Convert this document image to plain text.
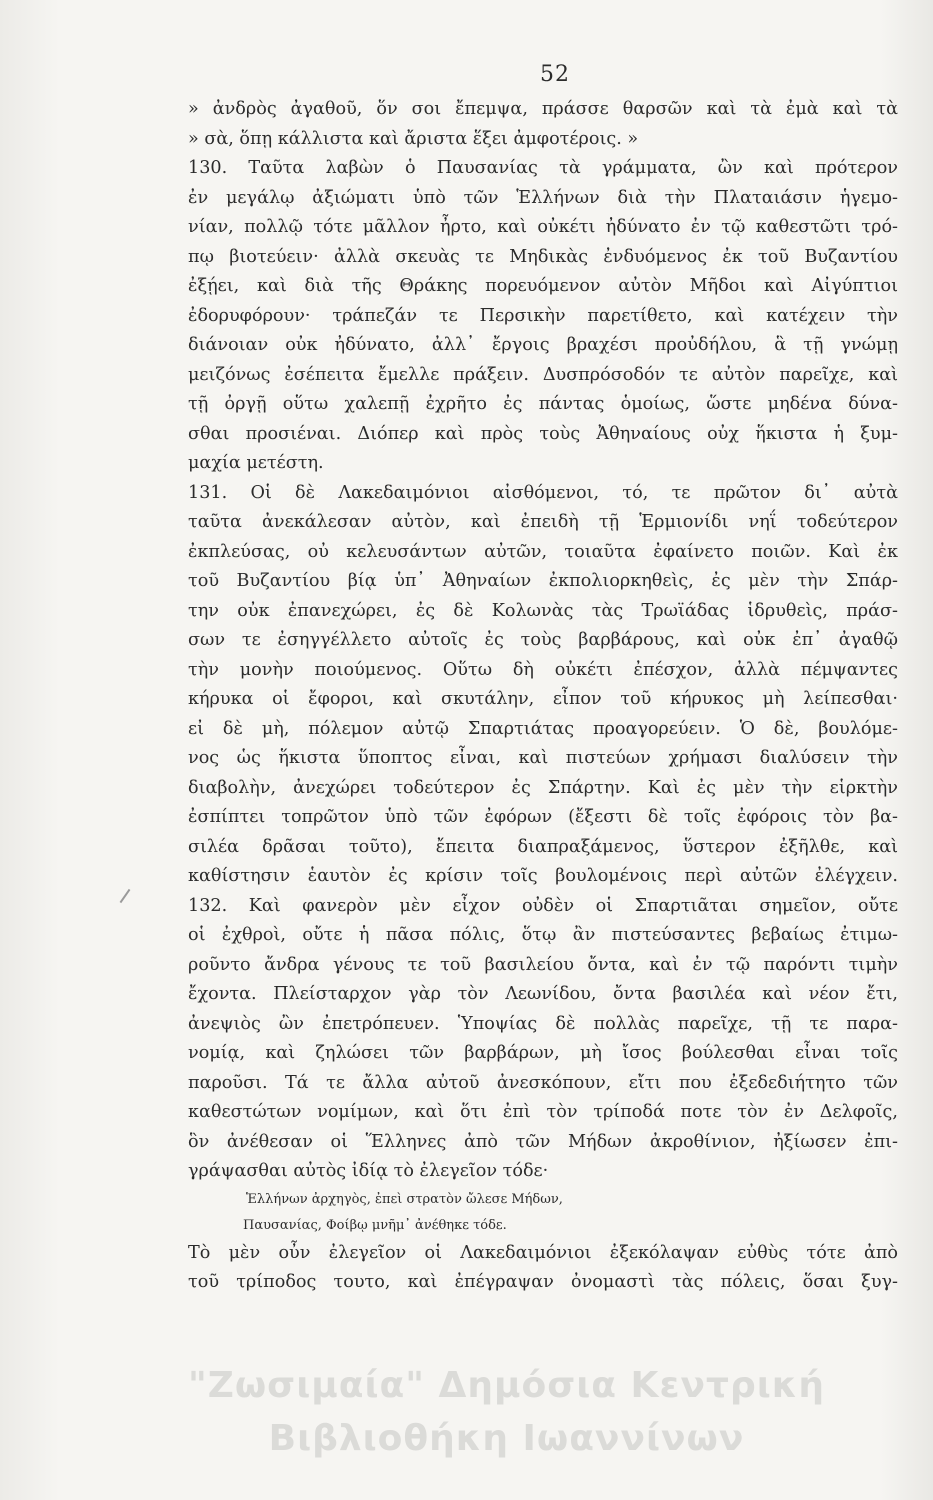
52
» ἀνδρὸς ἀγαθοῦ, ὅν σοι ἔπεμψα, πράσσε θαρσῶν καὶ τὰ ἐμὰ καὶ τὰ
» σὰ, ὅπῃ κάλλιστα καὶ ἄριστα ἕξει ἀμφοτέροις. »
130. Ταῦτα λαβὼν ὁ Παυσανίας τὰ γράμματα, ὢν καὶ πρότερον
ἐν μεγάλῳ ἀξιώματι ὑπὸ τῶν Ἑλλήνων διὰ τὴν Πλαταιάσιν ἡγεμο-
νίαν, πολλῷ τότε μᾶλλον ἦρτο, καὶ οὐκέτι ἠδύνατο ἐν τῷ καθεστῶτι τρό-
πῳ βιοτεύειν· ἀλλὰ σκευὰς τε Μηδικὰς ἐνδυόμενος ἐκ τοῦ Βυζαντίου
ἐξῄει, καὶ διὰ τῆς Θράκης πορευόμενον αὐτὸν Μῆδοι καὶ Αἰγύπτιοι
ἐδορυφόρουν· τράπεζάν τε Περσικὴν παρετίθετο, καὶ κατέχειν τὴν
διάνοιαν οὐκ ἠδύνατο, ἀλλ᾽ ἔργοις βραχέσι προὐδήλου, ἃ τῇ γνώμῃ
μειζόνως ἐσέπειτα ἔμελλε πράξειν. Δυσπρόσοδόν τε αὐτὸν παρεῖχε, καὶ
τῇ ὀργῇ οὕτω χαλεπῇ ἐχρῆτο ἐς πάντας ὁμοίως, ὥστε μηδένα δύνα-
σθαι προσιέναι. Διόπερ καὶ πρὸς τοὺς Ἀθηναίους οὐχ ἥκιστα ἡ ξυμ-
μαχία μετέστη.
131. Οἱ δὲ Λακεδαιμόνιοι αἰσθόμενοι, τό, τε πρῶτον δι᾽ αὐτὰ
ταῦτα ἀνεκάλεσαν αὐτὸν, καὶ ἐπειδὴ τῇ Ἑρμιονίδι νηΐ τοδεύτερον
ἐκπλεύσας, οὐ κελευσάντων αὐτῶν, τοιαῦτα ἐφαίνετο ποιῶν. Καὶ ἐκ
τοῦ Βυζαντίου βίᾳ ὑπ᾽ Ἀθηναίων ἐκπολιορκηθεὶς, ἐς μὲν τὴν Σπάρ-
την οὐκ ἐπανεχώρει, ἐς δὲ Κολωνὰς τὰς Τρωϊάδας ἱδρυθεὶς, πράσ-
σων τε ἐσηγγέλλετο αὐτοῖς ἐς τοὺς βαρβάρους, καὶ οὐκ ἐπ᾽ ἀγαθῷ
τὴν μονὴν ποιούμενος. Οὕτω δὴ οὐκέτι ἐπέσχον, ἀλλὰ πέμψαντες
κήρυκα οἱ ἔφοροι, καὶ σκυτάλην, εἶπον τοῦ κήρυκος μὴ λείπεσθαι·
εἰ δὲ μὴ, πόλεμον αὐτῷ Σπαρτιάτας προαγορεύειν. Ὁ δὲ, βουλόμε-
νος ὡς ἥκιστα ὕποπτος εἶναι, καὶ πιστεύων χρήμασι διαλύσειν τὴν
διαβολὴν, ἀνεχώρει τοδεύτερον ἐς Σπάρτην. Καὶ ἐς μὲν τὴν εἱρκτὴν
ἐσπίπτει τοπρῶτον ὑπὸ τῶν ἐφόρων (ἔξεστι δὲ τοῖς ἐφόροις τὸν βα-
σιλέα δρᾶσαι τοῦτο), ἔπειτα διαπραξάμενος, ὕστερον ἐξῆλθε, καὶ
καθίστησιν ἑαυτὸν ἐς κρίσιν τοῖς βουλομένοις περὶ αὐτῶν ἐλέγχειν.
132. Καὶ φανερὸν μὲν εἶχον οὐδὲν οἱ Σπαρτιᾶται σημεῖον, οὔτε
οἱ ἐχθροὶ, οὔτε ἡ πᾶσα πόλις, ὅτῳ ἂν πιστεύσαντες βεβαίως ἐτιμω-
ροῦντο ἄνδρα γένους τε τοῦ βασιλείου ὄντα, καὶ ἐν τῷ παρόντι τιμὴν
ἔχοντα. Πλείσταρχον γὰρ τὸν Λεωνίδου, ὄντα βασιλέα καὶ νέον ἔτι,
ἀνεψιὸς ὢν ἐπετρόπευεν. Ὑποψίας δὲ πολλὰς παρεῖχε, τῇ τε παρα-
νομίᾳ, καὶ ζηλώσει τῶν βαρβάρων, μὴ ἴσος βούλεσθαι εἶναι τοῖς
παροῦσι. Τά τε ἄλλα αὐτοῦ ἀνεσκόπουν, εἴτι που ἐξεδεδιήτητο τῶν
καθεστώτων νομίμων, καὶ ὅτι ἐπὶ τὸν τρίποδά ποτε τὸν ἐν Δελφοῖς,
ὃν ἀνέθεσαν οἱ Ἕλληνες ἀπὸ τῶν Μήδων ἀκροθίνιον, ἠξίωσεν ἐπι-
γράψασθαι αὐτὸς ἰδίᾳ τὸ ἐλεγεῖον τόδε·
Ἑλλήνων ἀρχηγὸς, ἐπεὶ στρατὸν ὤλεσε Μήδων,
Παυσανίας, Φοίβῳ μνῆμ᾽ ἀνέθηκε τόδε.
Τὸ μὲν οὖν ἐλεγεῖον οἱ Λακεδαιμόνιοι ἐξεκόλαψαν εὐθὺς τότε ἀπὸ
τοῦ τρίποδος τουτο, καὶ ἐπέγραψαν ὀνομαστὶ τὰς πόλεις, ὅσαι ξυγ-
"Ζωσιμαία" Δημόσια Κεντρική
Βιβλιοθήκη Ιωαννίνων
